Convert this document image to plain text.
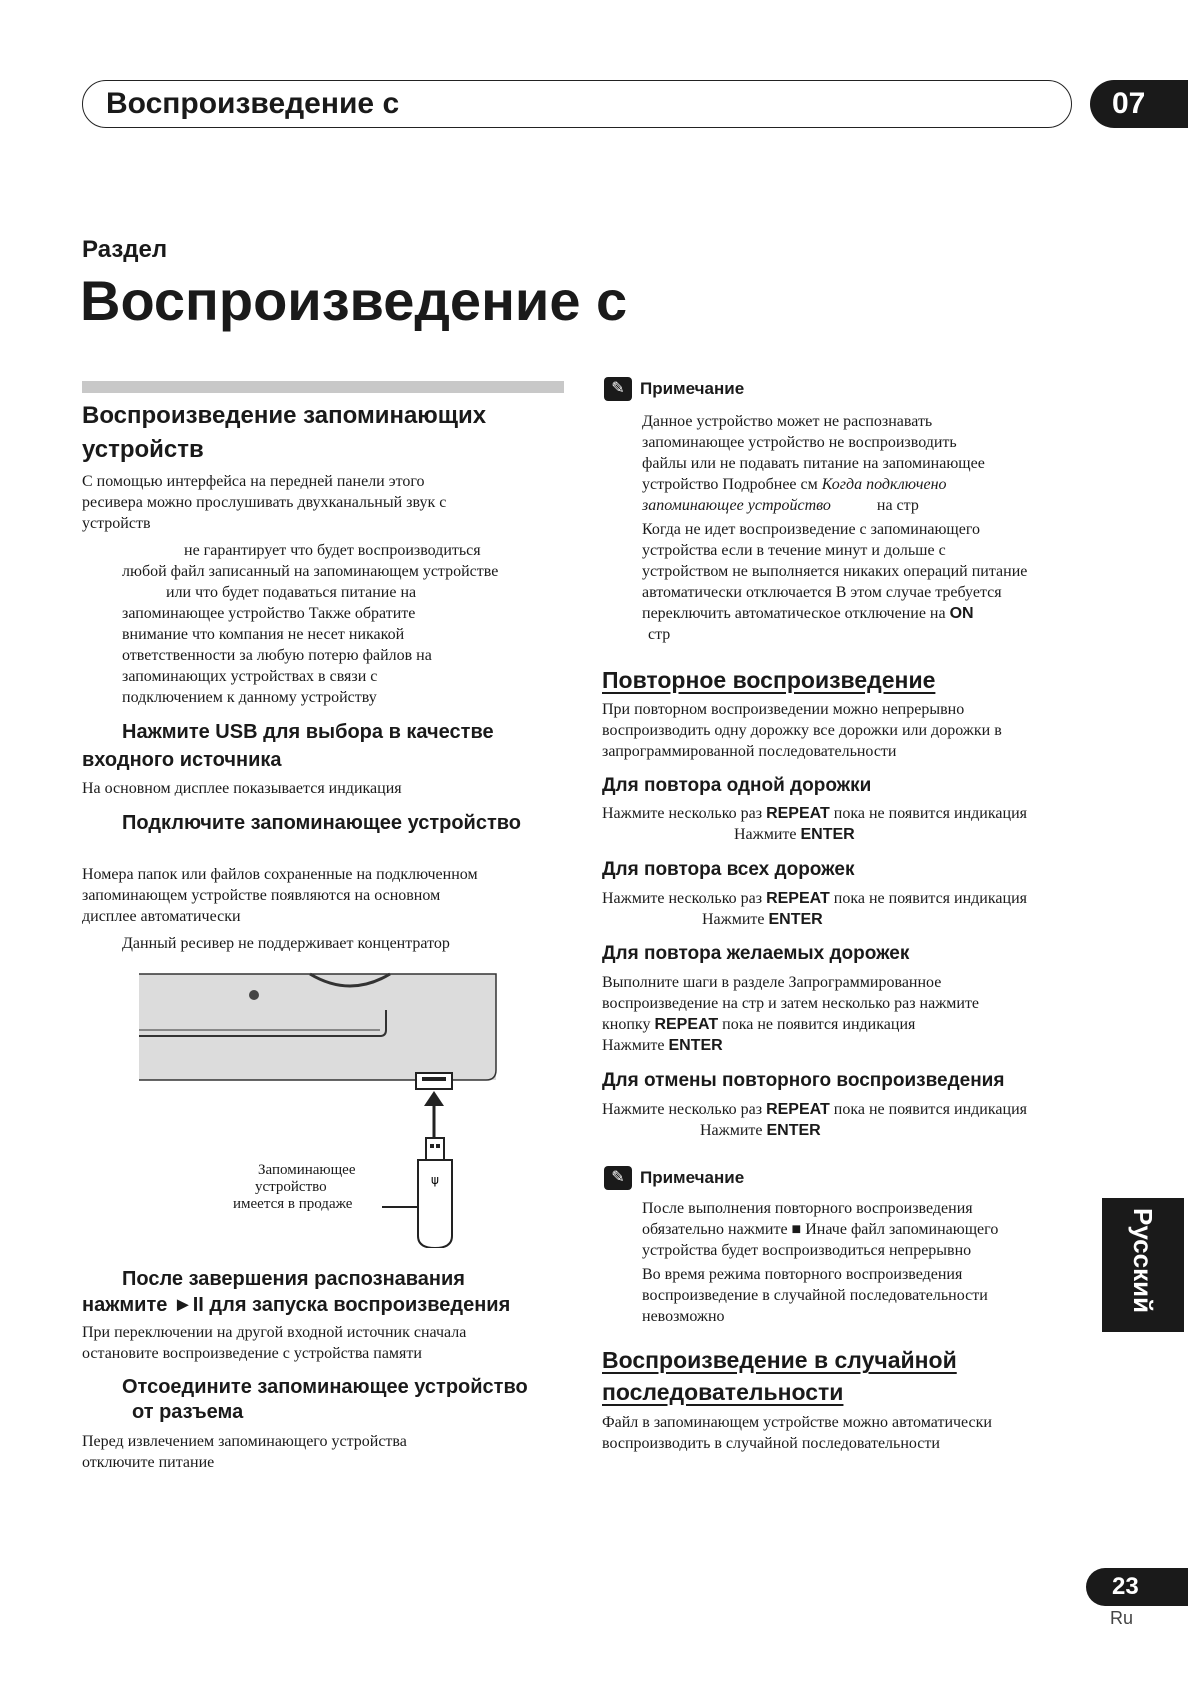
Воспроизведение с	07
Раздел
Воспроизведение с
Воспроизведение запоминающих
устройств
С помощью интерфейса на передней панели этого
ресивера можно прослушивать двухканальный звук с
устройств
не гарантирует что будет воспроизводиться
любой файл записанный на запоминающем устройстве
или что будет подаваться питание на
запоминающее устройство Также обратите
внимание что компания не несет никакой
ответственности за любую потерю файлов на
запоминающих устройствах в связи с
подключением к данному устройству
Нажмите USB для выбора в качестве
входного источника
На основном дисплее показывается индикация
Подключите запоминающее устройство
Номера папок или файлов сохраненные на подключенном
запоминающем устройстве появляются на основном
дисплее автоматически
Данный ресивер не поддерживает концентратор
ψ
Запоминающее
устройство
имеется в продаже
После завершения распознавания
нажмите ►II для запуска воспроизведения
При переключении на другой входной источник сначала
остановите воспроизведение с устройства памяти
Отсоедините запоминающее устройство
от разъема
Перед извлечением запоминающего устройства
отключите питание
✎ Примечание
Данное устройство может не распознавать
запоминающее устройство не воспроизводить
файлы или не подавать питание на запоминающее
устройство Подробнее см Когда подключено
запоминающее устройство	на стр
Когда не идет воспроизведение с запоминающего
устройства если в течение минут и дольше с
устройством не выполняется никаких операций питание
автоматически отключается В этом случае требуется
переключить автоматическое отключение на ON
стр
Повторное воспроизведение
При повторном воспроизведении можно непрерывно
воспроизводить одну дорожку все дорожки или дорожки в
запрограммированной последовательности
Для повтора одной дорожки
Нажмите несколько раз REPEAT пока не появится индикация
Нажмите ENTER
Для повтора всех дорожек
Нажмите несколько раз REPEAT пока не появится индикация
Нажмите ENTER
Для повтора желаемых дорожек
Выполните шаги в разделе Запрограммированное
воспроизведение на стр и затем несколько раз нажмите
кнопку REPEAT пока не появится индикация
Нажмите ENTER
Для отмены повторного воспроизведения
Нажмите несколько раз REPEAT пока не появится индикация
Нажмите ENTER
✎ Примечание
После выполнения повторного воспроизведения
обязательно нажмите ■ Иначе файл запоминающего
устройства будет воспроизводиться непрерывно
Во время режима повторного воспроизведения
воспроизведение в случайной последовательности
невозможно
Воспроизведение в случайной
последовательности
Файл в запоминающем устройстве можно автоматически
воспроизводить в случайной последовательности
Русский
23
Ru
